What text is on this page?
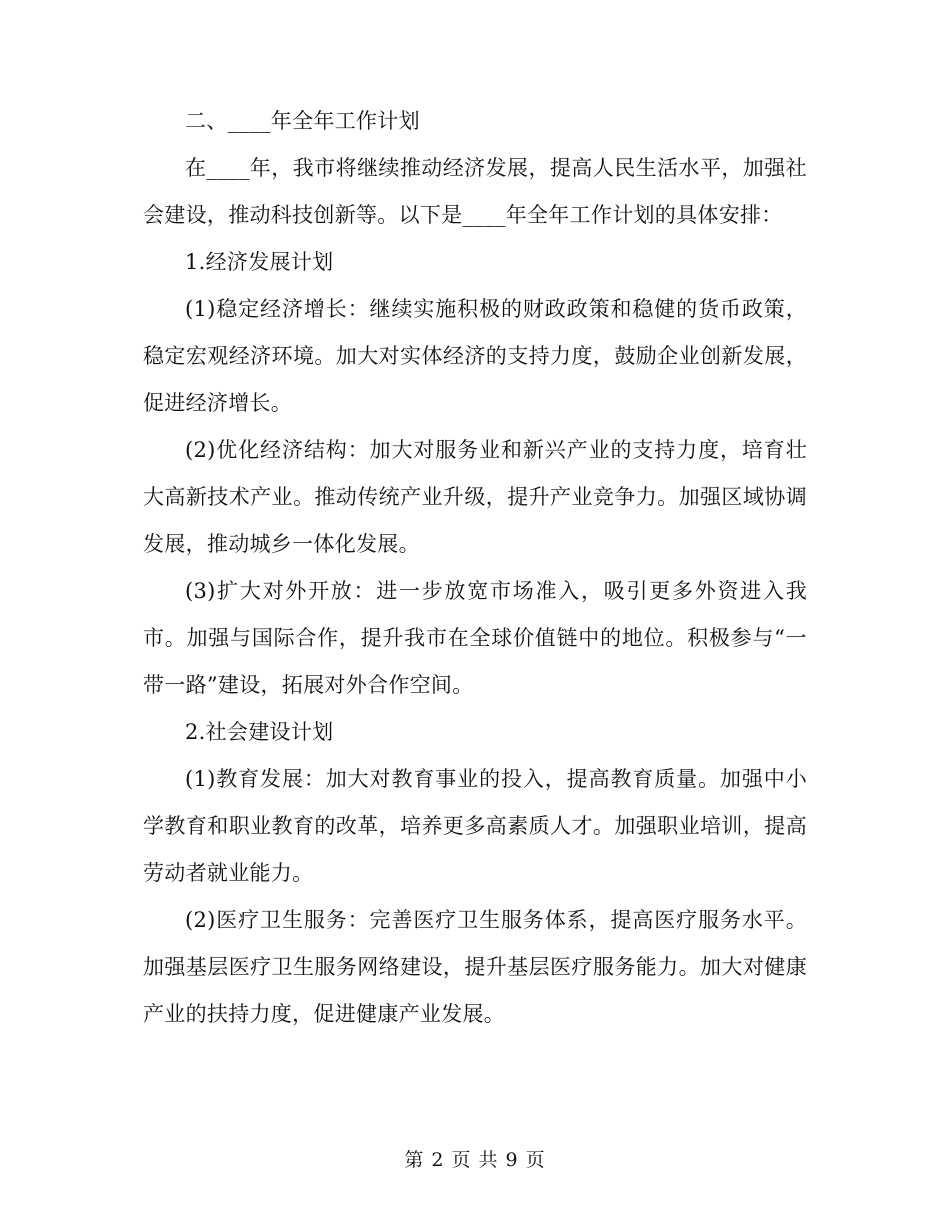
二、____年全年工作计划

在____年，我市将继续推动经济发展，提高人民生活水平，加强社会建设，推动科技创新等。以下是____年全年工作计划的具体安排：

1.经济发展计划

(1)稳定经济增长：继续实施积极的财政政策和稳健的货币政策，稳定宏观经济环境。加大对实体经济的支持力度，鼓励企业创新发展，促进经济增长。

(2)优化经济结构：加大对服务业和新兴产业的支持力度，培育壮大高新技术产业。推动传统产业升级，提升产业竞争力。加强区域协调发展，推动城乡一体化发展。

(3)扩大对外开放：进一步放宽市场准入，吸引更多外资进入我市。加强与国际合作，提升我市在全球价值链中的地位。积极参与“一带一路”建设，拓展对外合作空间。

2.社会建设计划

(1)教育发展：加大对教育事业的投入，提高教育质量。加强中小学教育和职业教育的改革，培养更多高素质人才。加强职业培训，提高劳动者就业能力。

(2)医疗卫生服务：完善医疗卫生服务体系，提高医疗服务水平。加强基层医疗卫生服务网络建设，提升基层医疗服务能力。加大对健康产业的扶持力度，促进健康产业发展。

第 2 页 共 9 页
